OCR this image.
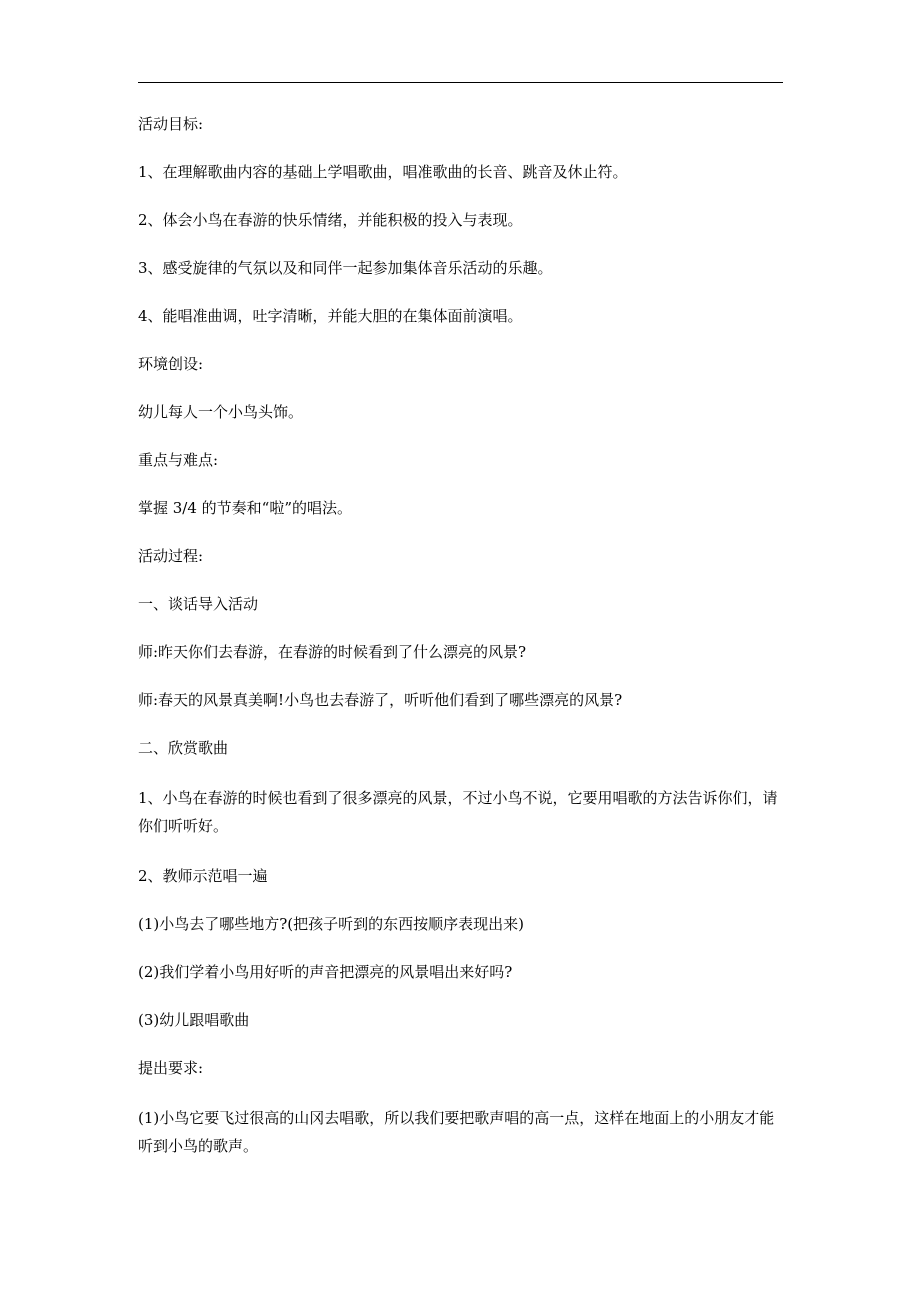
活动目标:

1、在理解歌曲内容的基础上学唱歌曲，唱准歌曲的长音、跳音及休止符。

2、体会小鸟在春游的快乐情绪，并能积极的投入与表现。

3、感受旋律的气氛以及和同伴一起参加集体音乐活动的乐趣。

4、能唱准曲调，吐字清晰，并能大胆的在集体面前演唱。

环境创设:

幼儿每人一个小鸟头饰。

重点与难点:

掌握 3/4 的节奏和“啦”的唱法。

活动过程:

一、谈话导入活动

师:昨天你们去春游，在春游的时候看到了什么漂亮的风景?

师:春天的风景真美啊!小鸟也去春游了，听听他们看到了哪些漂亮的风景?

二、欣赏歌曲

1、小鸟在春游的时候也看到了很多漂亮的风景，不过小鸟不说，它要用唱歌的方法告诉你们，请你们听听好。

2、教师示范唱一遍

(1)小鸟去了哪些地方?(把孩子听到的东西按顺序表现出来)

(2)我们学着小鸟用好听的声音把漂亮的风景唱出来好吗?

(3)幼儿跟唱歌曲

提出要求:

(1)小鸟它要飞过很高的山冈去唱歌，所以我们要把歌声唱的高一点，这样在地面上的小朋友才能听到小鸟的歌声。
